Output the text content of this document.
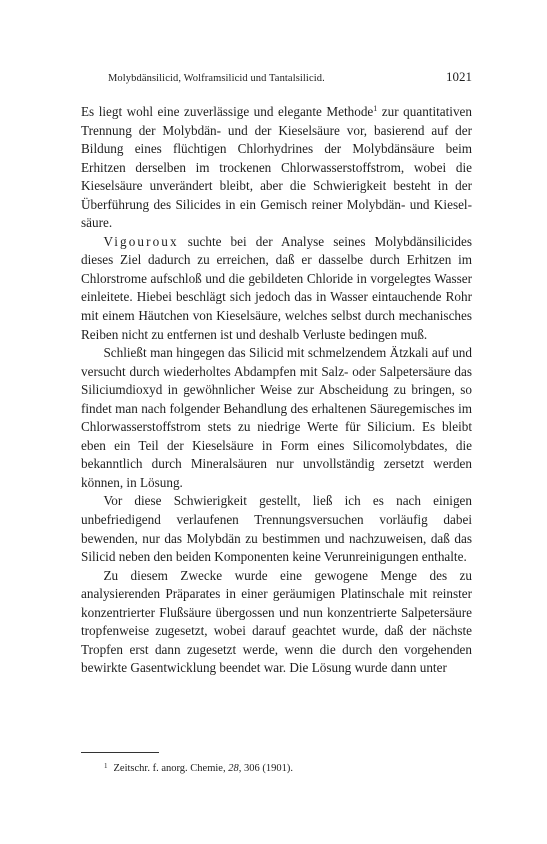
Molybdänsilicid, Wolframsilicid und Tantalsilicid.	1021

Es liegt wohl eine zuverlässige und elegante Methode$^1$ zur quantitativen Trennung der Molybdän- und der Kieselsäure vor, basierend auf der Bildung eines flüchtigen Chlorhydrines der Molybdänsäure beim Erhitzen derselben im trockenen Chlorwasserstoffstrom, wobei die Kieselsäure unverändert bleibt, aber die Schwierigkeit besteht in der Überführung des Silicides in ein Gemisch reiner Molybdän- und Kieselsäure.

Vigouroux suchte bei der Analyse seines Molybdänsilicides dieses Ziel dadurch zu erreichen, daß er dasselbe durch Erhitzen im Chlorstrome aufschloß und die gebildeten Chloride in vorgelegtes Wasser einleitete. Hiebei beschlägt sich jedoch das in Wasser eintauchende Rohr mit einem Häutchen von Kieselsäure, welches selbst durch mechanisches Reiben nicht zu entfernen ist und deshalb Verluste bedingen muß.

Schließt man hingegen das Silicid mit schmelzendem Ätzkali auf und versucht durch wiederholtes Abdampfen mit Salz- oder Salpetersäure das Siliciumdioxyd in gewöhnlicher Weise zur Abscheidung zu bringen, so findet man nach folgender Behandlung des erhaltenen Säuregemisches im Chlorwasserstoffstrom stets zu niedrige Werte für Silicium. Es bleibt eben ein Teil der Kieselsäure in Form eines Silicomolybdates, die bekanntlich durch Mineralsäuren nur unvollständig zersetzt werden können, in Lösung.

Vor diese Schwierigkeit gestellt, ließ ich es nach einigen unbefriedigend verlaufenen Trennungsversuchen vorläufig dabei bewenden, nur das Molybdän zu bestimmen und nachzuweisen, daß das Silicid neben den beiden Komponenten keine Verunreinigungen enthalte.

Zu diesem Zwecke wurde eine gewogene Menge des zu analysierenden Präparates in einer geräumigen Platinschale mit reinster konzentrierter Flußsäure übergossen und nun konzentrierte Salpetersäure tropfenweise zugesetzt, wobei darauf geachtet wurde, daß der nächste Tropfen erst dann zugesetzt werde, wenn die durch den vorgehenden bewirkte Gasentwicklung beendet war. Die Lösung wurde dann unter

$^1$ Zeitschr. f. anorg. Chemie, 28, 306 (1901).
